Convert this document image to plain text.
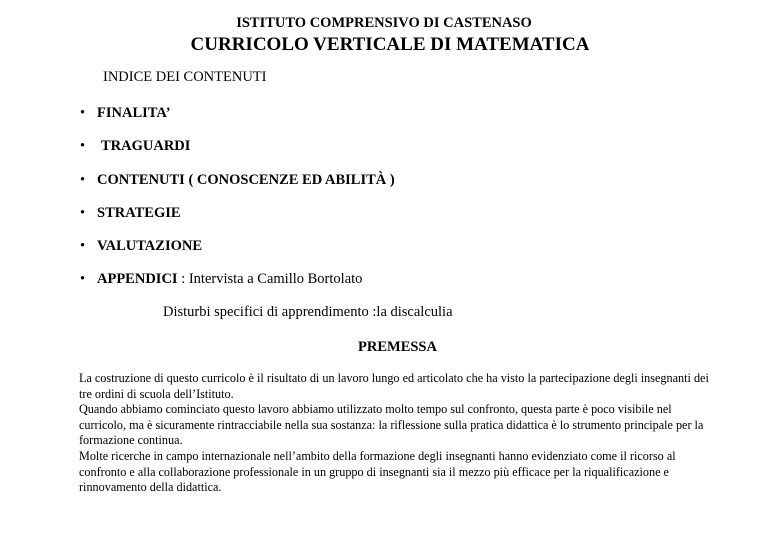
ISTITUTO COMPRENSIVO DI CASTENASO
CURRICOLO VERTICALE DI MATEMATICA
INDICE DEI CONTENUTI
• FINALITA’
• TRAGUARDI
• CONTENUTI ( CONOSCENZE ED ABILITÀ )
• STRATEGIE
• VALUTAZIONE
• APPENDICI : Intervista a Camillo Bortolato
Disturbi specifici di apprendimento :la discalculia
PREMESSA

La costruzione di questo curricolo è il risultato di un lavoro lungo ed articolato che ha visto la partecipazione degli insegnanti dei tre ordini di scuola dell’Istituto.

Quando abbiamo cominciato questo lavoro abbiamo utilizzato molto tempo sul confronto, questa parte è poco visibile nel curricolo, ma è sicuramente rintracciabile nella sua sostanza: la riflessione sulla pratica didattica è lo strumento principale per la formazione continua.

Molte ricerche in campo internazionale nell’ambito della formazione degli insegnanti hanno evidenziato come il ricorso al confronto e alla collaborazione professionale in un gruppo di insegnanti sia il mezzo più efficace per la riqualificazione e rinnovamento della didattica.
